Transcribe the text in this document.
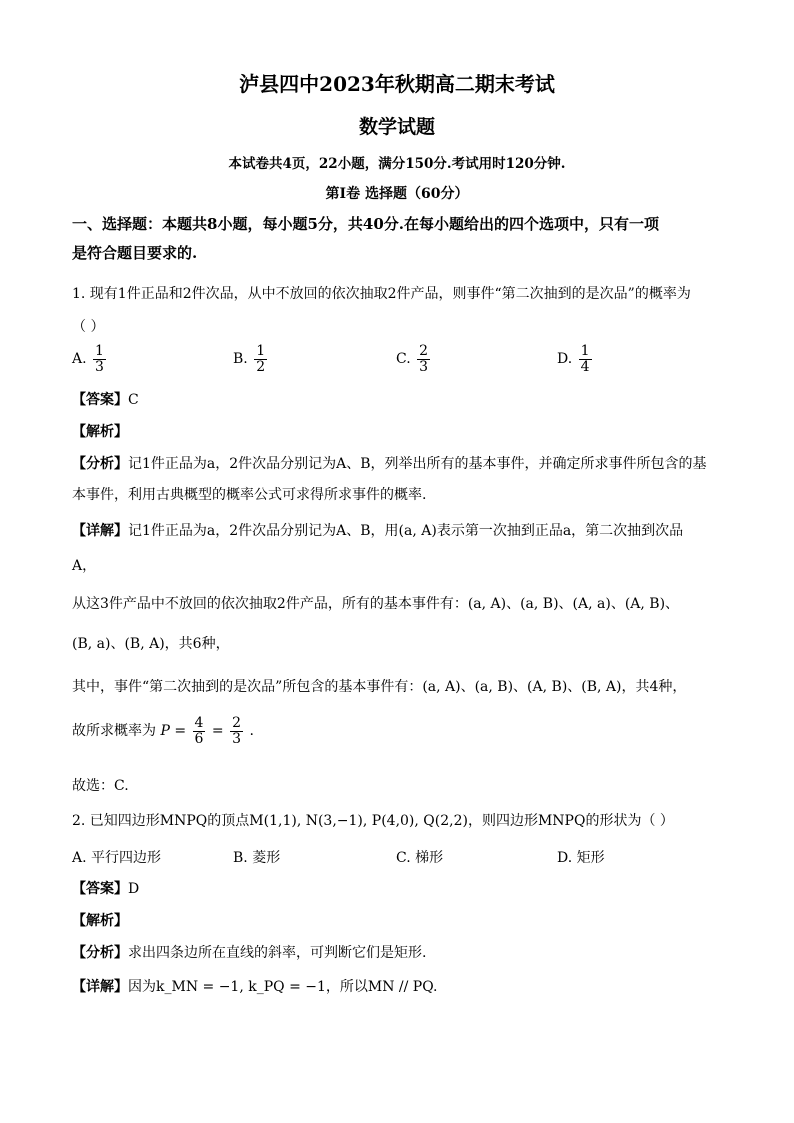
泸县四中2023年秋期高二期末考试
数学试题
本试卷共4页，22小题，满分150分.考试用时120分钟.
第I卷 选择题（60分）
一、选择题：本题共8小题，每小题5分，共40分.在每小题给出的四个选项中，只有一项
是符合题目要求的.
1. 现有1件正品和2件次品，从中不放回的依次抽取2件产品，则事件“第二次抽到的是次品”的概率为
（ ）
A. $\frac{1}{3}$	B. $\frac{1}{2}$	C. $\frac{2}{3}$	D. $\frac{1}{4}$
【答案】C
【解析】
【分析】记1件正品为a，2件次品分别记为A、B，列举出所有的基本事件，并确定所求事件所包含的基
本事件，利用古典概型的概率公式可求得所求事件的概率.
【详解】记1件正品为a，2件次品分别记为A、B，用(a, A)表示第一次抽到正品a，第二次抽到次品
A，
从这3件产品中不放回的依次抽取2件产品，所有的基本事件有：(a, A)、(a, B)、(A, a)、(A, B)、
(B, a)、(B, A)，共6种，
其中，事件“第二次抽到的是次品”所包含的基本事件有：(a, A)、(a, B)、(A, B)、(B, A)，共4种，
故所求概率为 $P = \frac{4}{6} = \frac{2}{3}$ .
故选：C.
2. 已知四边形MNPQ的顶点M(1,1), N(3,−1), P(4,0), Q(2,2)，则四边形MNPQ的形状为（ ）
A. 平行四边形	B. 菱形	C. 梯形	D. 矩形
【答案】D
【解析】
【分析】求出四条边所在直线的斜率，可判断它们是矩形.
【详解】因为k_MN = −1, k_PQ = −1，所以MN // PQ.
